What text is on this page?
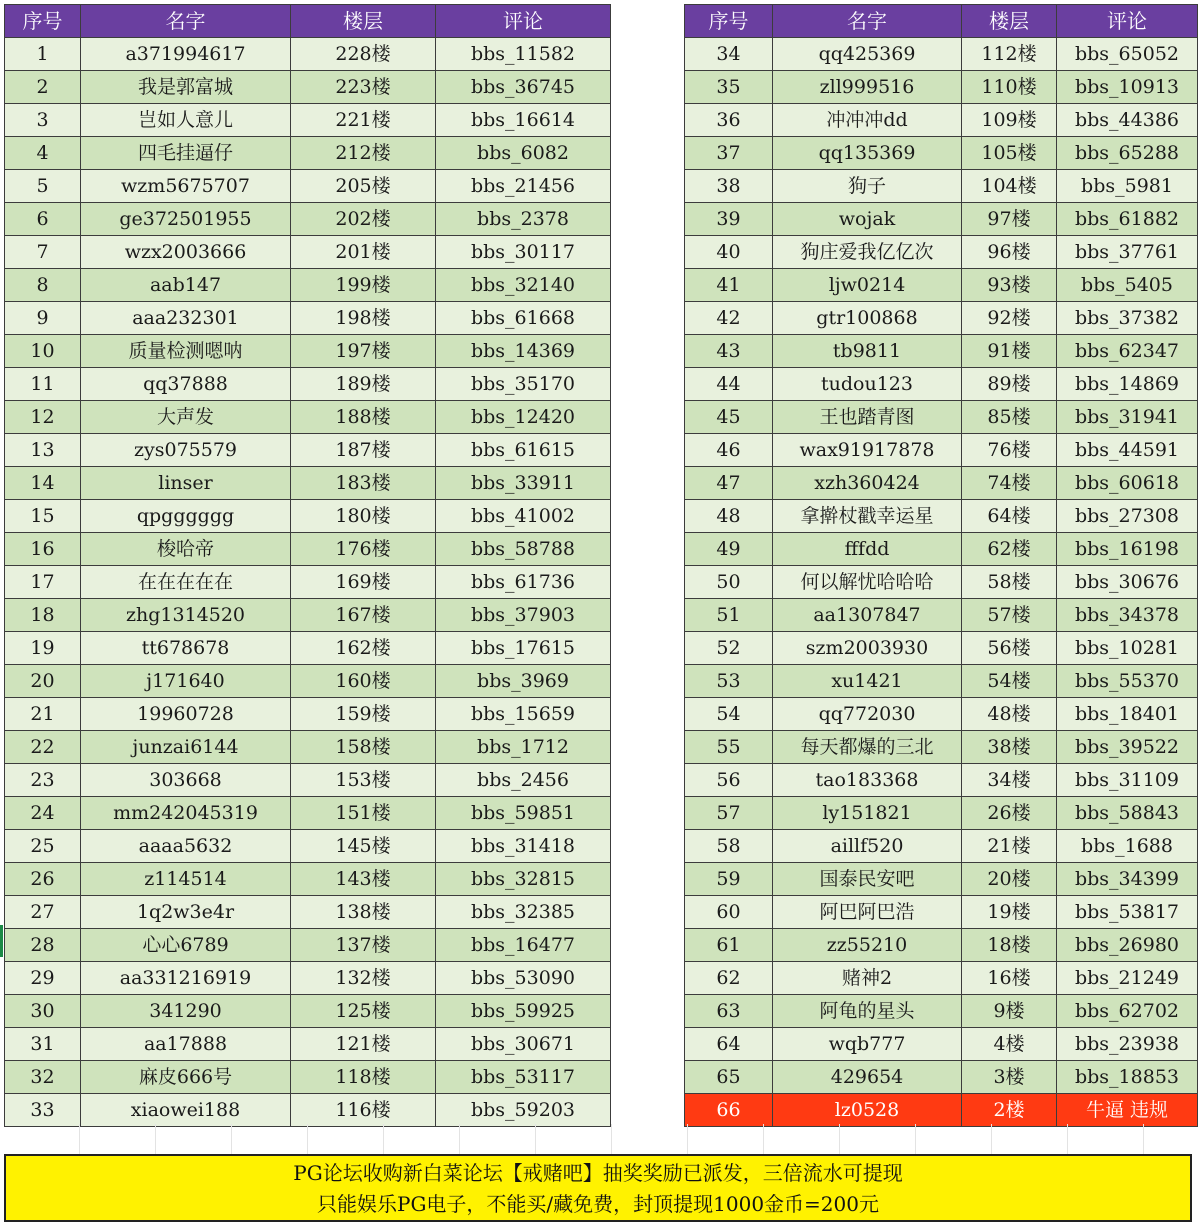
序号	名字	楼层	评论
1	a371994617	228楼	bbs_11582
2	我是郭富城	223楼	bbs_36745
3	岂如人意儿	221楼	bbs_16614
4	四毛挂逼仔	212楼	bbs_6082
5	wzm5675707	205楼	bbs_21456
6	ge372501955	202楼	bbs_2378
7	wzx2003666	201楼	bbs_30117
8	aab147	199楼	bbs_32140
9	aaa232301	198楼	bbs_61668
10	质量检测嗯呐	197楼	bbs_14369
11	qq37888	189楼	bbs_35170
12	大声发	188楼	bbs_12420
13	zys075579	187楼	bbs_61615
14	linser	183楼	bbs_33911
15	qpgggggg	180楼	bbs_41002
16	梭哈帝	176楼	bbs_58788
17	在在在在在	169楼	bbs_61736
18	zhg1314520	167楼	bbs_37903
19	tt678678	162楼	bbs_17615
20	j171640	160楼	bbs_3969
21	19960728	159楼	bbs_15659
22	junzai6144	158楼	bbs_1712
23	303668	153楼	bbs_2456
24	mm242045319	151楼	bbs_59851
25	aaaa5632	145楼	bbs_31418
26	z114514	143楼	bbs_32815
27	1q2w3e4r	138楼	bbs_32385
28	心心6789	137楼	bbs_16477
29	aa331216919	132楼	bbs_53090
30	341290	125楼	bbs_59925
31	aa17888	121楼	bbs_30671
32	麻皮666号	118楼	bbs_53117
33	xiaowei188	116楼	bbs_59203
序号	名字	楼层	评论
34	qq425369	112楼	bbs_65052
35	zll999516	110楼	bbs_10913
36	冲冲冲dd	109楼	bbs_44386
37	qq135369	105楼	bbs_65288
38	狗子	104楼	bbs_5981
39	wojak	97楼	bbs_61882
40	狗庄爱我亿亿次	96楼	bbs_37761
41	ljw0214	93楼	bbs_5405
42	gtr100868	92楼	bbs_37382
43	tb9811	91楼	bbs_62347
44	tudou123	89楼	bbs_14869
45	王也踏青图	85楼	bbs_31941
46	wax91917878	76楼	bbs_44591
47	xzh360424	74楼	bbs_60618
48	拿擀杖戳幸运星	64楼	bbs_27308
49	fffdd	62楼	bbs_16198
50	何以解忧哈哈哈	58楼	bbs_30676
51	aa1307847	57楼	bbs_34378
52	szm2003930	56楼	bbs_10281
53	xu1421	54楼	bbs_55370
54	qq772030	48楼	bbs_18401
55	每天都爆的三北	38楼	bbs_39522
56	tao183368	34楼	bbs_31109
57	ly151821	26楼	bbs_58843
58	aillf520	21楼	bbs_1688
59	国泰民安吧	20楼	bbs_34399
60	阿巴阿巴浩	19楼	bbs_53817
61	zz55210	18楼	bbs_26980
62	赌神2	16楼	bbs_21249
63	阿龟的星头	9楼	bbs_62702
64	wqb777	4楼	bbs_23938
65	429654	3楼	bbs_18853
66	lz0528	2楼	牛逼 违规
PG论坛收购新白菜论坛【戒赌吧】抽奖奖励已派发，三倍流水可提现
只能娱乐PG电子，不能买/藏免费，封顶提现1000金币=200元
